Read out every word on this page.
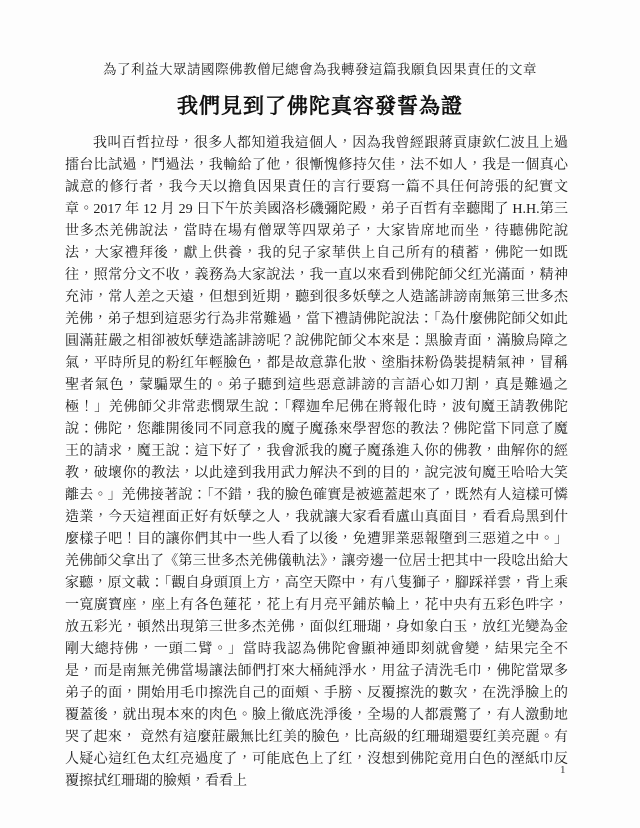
為了利益大眾請國際佛教僧尼總會為我轉發這篇我願負因果責任的文章
我們見到了佛陀真容發誓為證

我叫百哲拉母，很多人都知道我這個人，因為我曾經跟蔣貢康欽仁波且上過擂台比試過，鬥過法，我輸給了他，很慚愧修持欠佳，法不如人，我是一個真心誠意的修行者，我今天以擔負因果責任的言行要寫一篇不具任何誇張的紀實文章。2017 年 12 月 29 日下午於美國洛杉磯彌陀殿，弟子百哲有幸聽聞了 H.H.第三世多杰羌佛說法，當時在場有僧眾等四眾弟子，大家皆席地而坐，待聽佛陀說法，大家禮拜後，獻上供養，我的兒子家華供上自己所有的積蓄，佛陀一如既往，照常分文不收，義務為大家說法，我一直以來看到佛陀師父红光滿面，精神充沛，常人差之天遠，但想到近期，聽到很多妖孽之人造謠誹謗南無第三世多杰羌佛，弟子想到這惡劣行為非常難過，當下禮請佛陀說法：「為什麼佛陀師父如此圓滿莊嚴之相卻被妖孽造謠誹謗呢？說佛陀師父本來是：黑臉青面，滿臉烏障之氣，平時所見的粉红年輕臉色，都是故意靠化妝、塗脂抹粉偽裝提精氣神，冒稱聖者氣色，蒙騙眾生的。弟子聽到這些惡意誹謗的言語心如刀割，真是難過之極！」羌佛師父非常悲憫眾生說：「釋迦牟尼佛在將報化時，波旬魔王請教佛陀說：佛陀，您離開後同不同意我的魔子魔孫來學習您的教法？佛陀當下同意了魔王的請求，魔王說：這下好了，我會派我的魔子魔孫進入你的佛教，曲解你的經教，破壞你的教法，以此達到我用武力解決不到的目的，說完波旬魔王哈哈大笑離去。」羌佛接著說：「不錯，我的臉色確實是被遮蓋起來了，既然有人這樣可憐造業，今天這裡面正好有妖孽之人，我就讓大家看看盧山真面目，看看烏黑到什麼樣子吧！目的讓你們其中一些人看了以後，免遭罪業惡報墮到三惡道之中。」羌佛師父拿出了《第三世多杰羌佛儀軌法》，讓旁邊一位居士把其中一段唸出給大家聽，原文載：「觀自身頭頂上方，高空天際中，有八隻獅子，腳踩祥雲，背上乘一寬廣寶座，座上有各色蓮花，花上有月亮平鋪於輪上，花中央有五彩色吽字，放五彩光，頓然出現第三世多杰羌佛，面似红珊瑚，身如象白玉，放红光變為金剛大總持佛，一頭二臂。」當時我認為佛陀會顯神通即刻就會變，結果完全不是，而是南無羌佛當場讓法師們打來大桶純淨水，用盆子清洗毛巾，佛陀當眾多弟子的面，開始用毛巾擦洗自己的面頰、手膀、反覆擦洗的數次，在洗淨臉上的覆蓋後，就出現本來的肉色。臉上徹底洗淨後，全場的人都震驚了，有人激動地哭了起來， 竟然有這麼莊嚴無比红美的臉色，比高級的红珊瑚還要红美亮麗。有人疑心這红色太红亮過度了，可能底色上了红，沒想到佛陀竟用白色的溼紙巾反覆擦拭红珊瑚的臉頰，看看上

1
